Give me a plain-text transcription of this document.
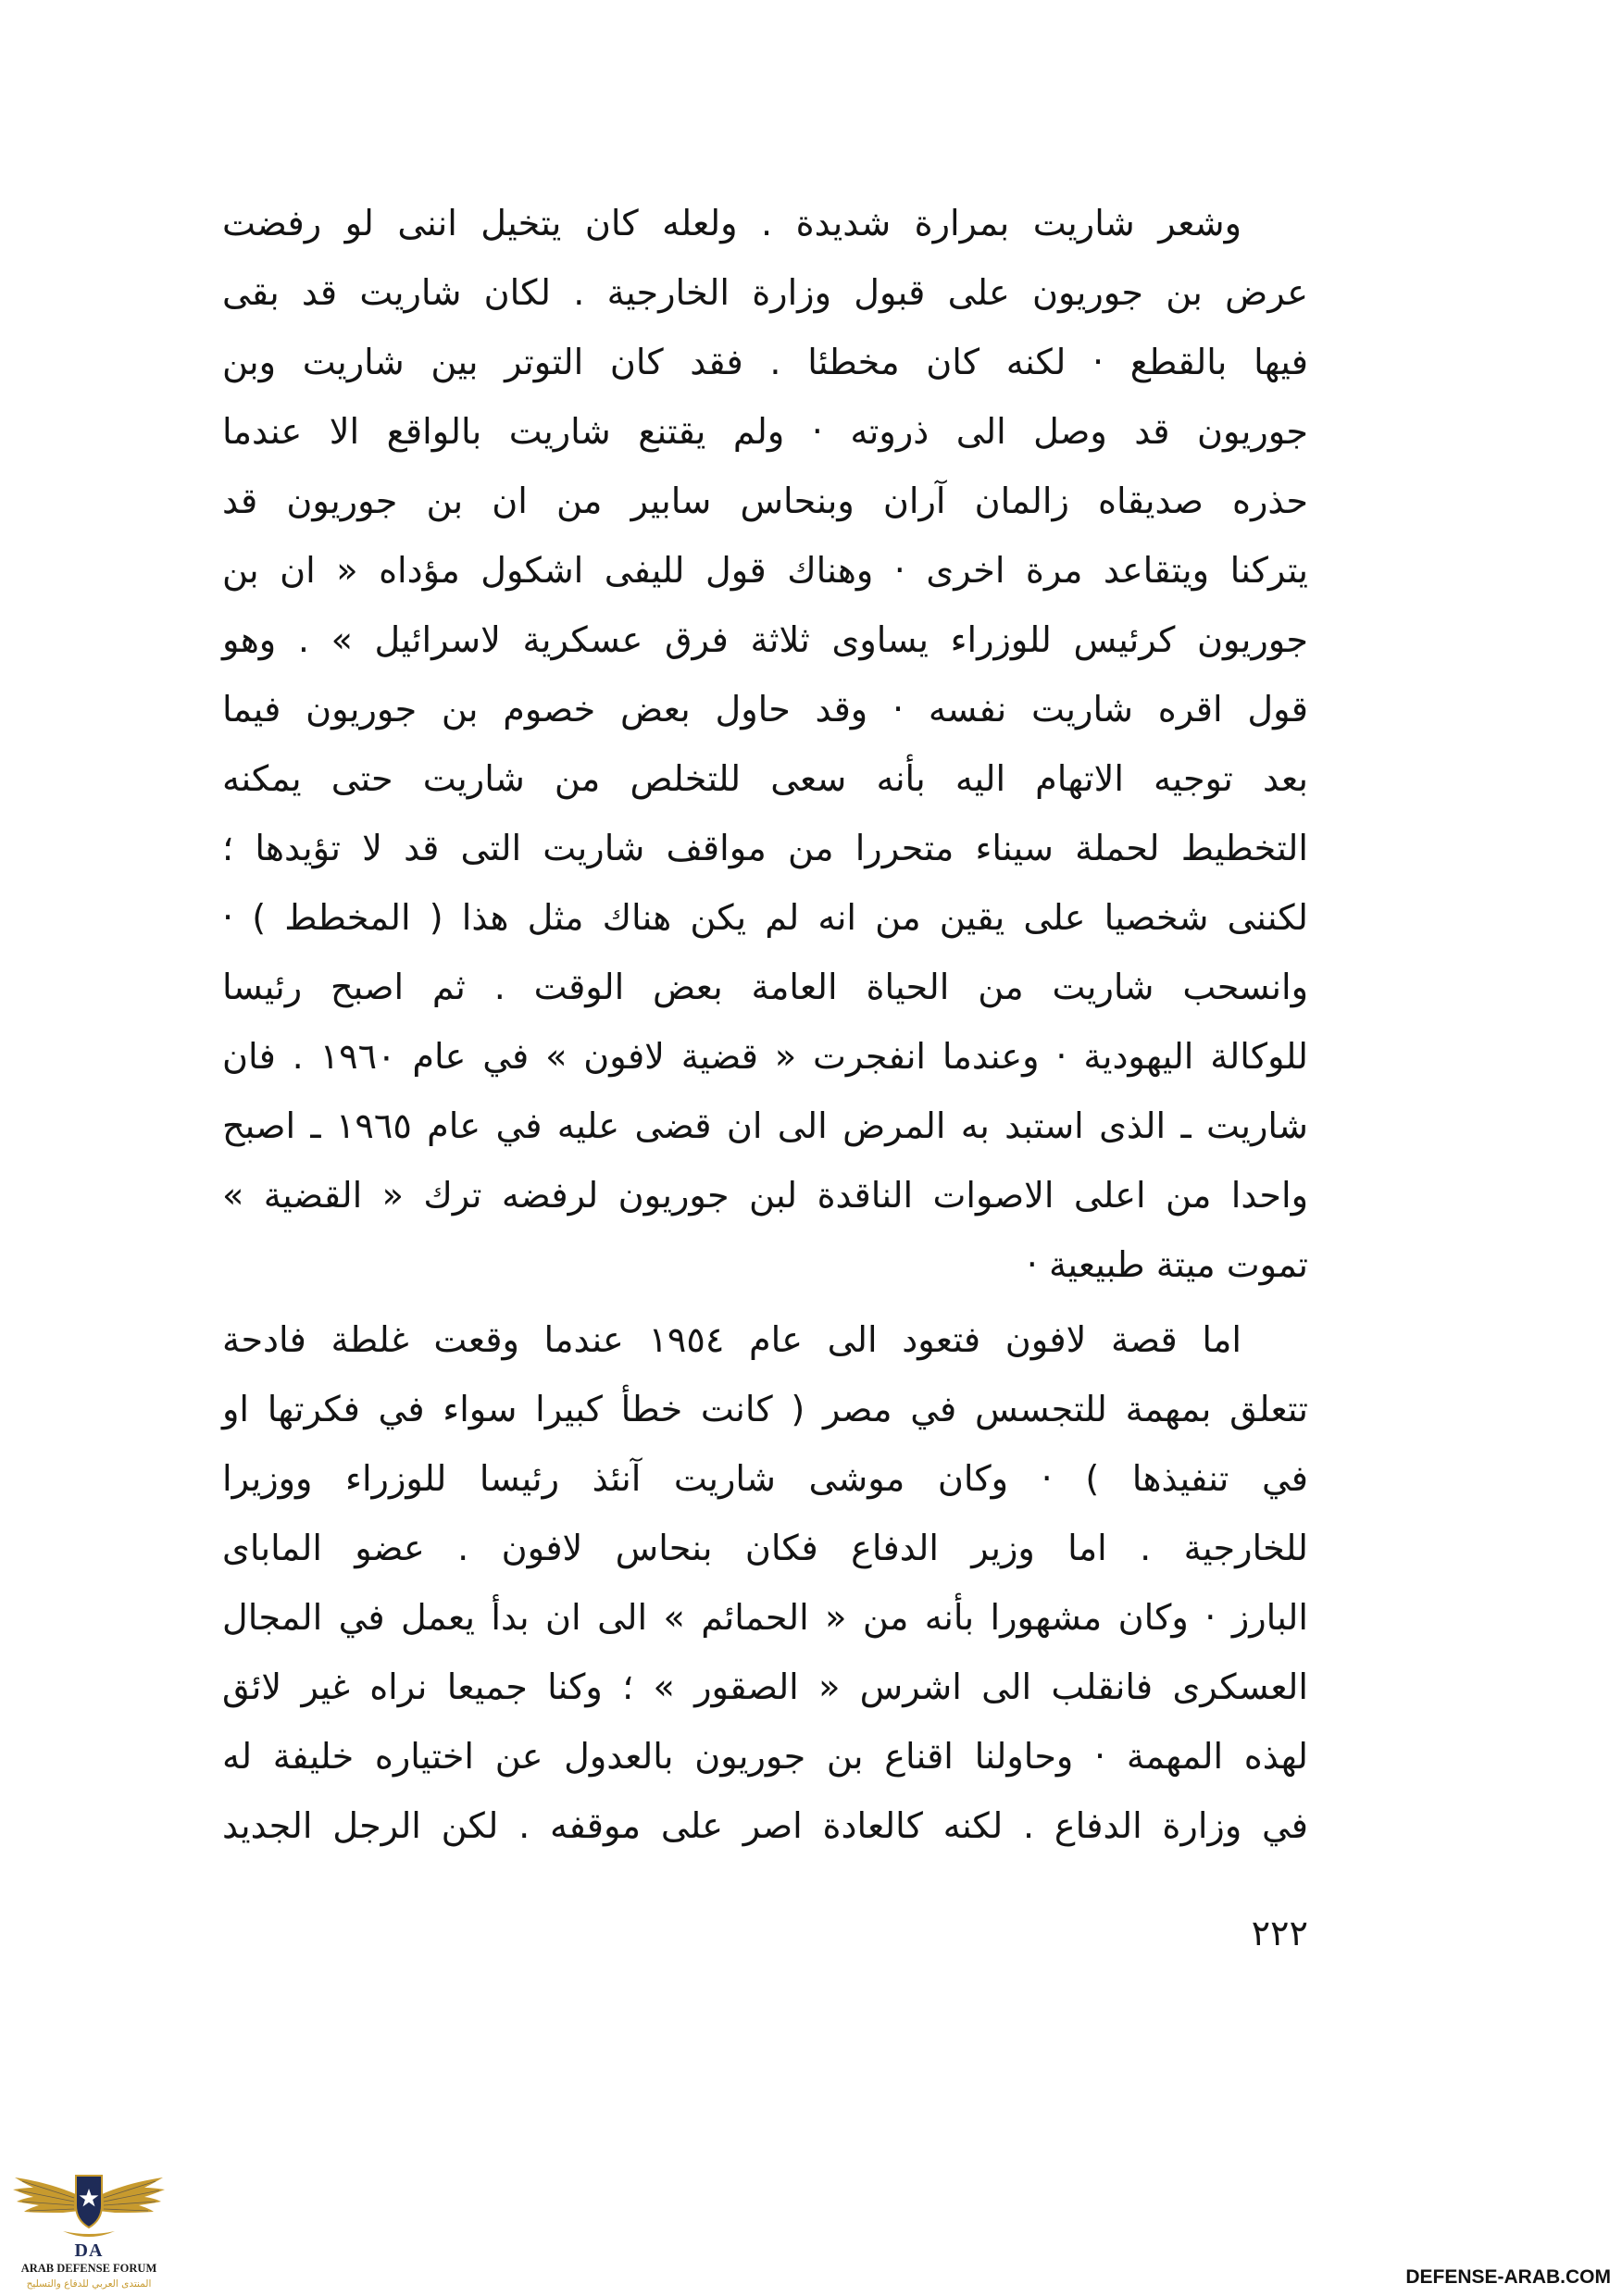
وشعر شاريت بمرارة شديدة . ولعله كان يتخيل اننى لو رفضت
عرض بن جوريون على قبول وزارة الخارجية . لكان شاريت قد بقى
فيها بالقطع · لكنه كان مخطئا . فقد كان التوتر بين شاريت وبن
جوريون قد وصل الى ذروته · ولم يقتنع شاريت بالواقع الا عندما
حذره صديقاه زالمان آران وبنحاس سابير من ان بن جوريون قد
يتركنا ويتقاعد مرة اخرى · وهناك قول لليفى اشكول مؤداه « ان بن
جوريون كرئيس للوزراء يساوى ثلاثة فرق عسكرية لاسرائيل » . وهو
قول اقره شاريت نفسه · وقد حاول بعض خصوم بن جوريون فيما
بعد توجيه الاتهام اليه بأنه سعى للتخلص من شاريت حتى يمكنه
التخطيط لحملة سيناء متحررا من مواقف شاريت التى قد لا تؤيدها ؛
لكننى شخصيا على يقين من انه لم يكن هناك مثل هذا ( المخطط ) ·
وانسحب شاريت من الحياة العامة بعض الوقت . ثم اصبح رئيسا
للوكالة اليهودية · وعندما انفجرت « قضية لافون » في عام ١٩٦٠ . فان
شاريت ـ الذى استبد به المرض الى ان قضى عليه في عام ١٩٦٥ ـ اصبح
واحدا من اعلى الاصوات الناقدة لبن جوريون لرفضه ترك « القضية »
تموت ميتة طبيعية ·
اما قصة لافون فتعود الى عام ١٩٥٤ عندما وقعت غلطة فادحة
تتعلق بمهمة للتجسس في مصر ( كانت خطأ كبيرا سواء في فكرتها او
في تنفيذها ) · وكان موشى شاريت آنئذ رئيسا للوزراء ووزيرا
للخارجية . اما وزير الدفاع فكان بنحاس لافون . عضو الماباى
البارز · وكان مشهورا بأنه من « الحمائم » الى ان بدأ يعمل في المجال
العسكرى فانقلب الى اشرس « الصقور » ؛ وكنا جميعا نراه غير لائق
لهذه المهمة · وحاولنا اقناع بن جوريون بالعدول عن اختياره خليفة له
في وزارة الدفاع . لكنه كالعادة اصر على موقفه . لكن الرجل الجديد
٢٢٢
DA
ARAB DEFENSE FORUM
المنتدى العربي للدفاع والتسليح	DEFENSE-ARAB.COM
